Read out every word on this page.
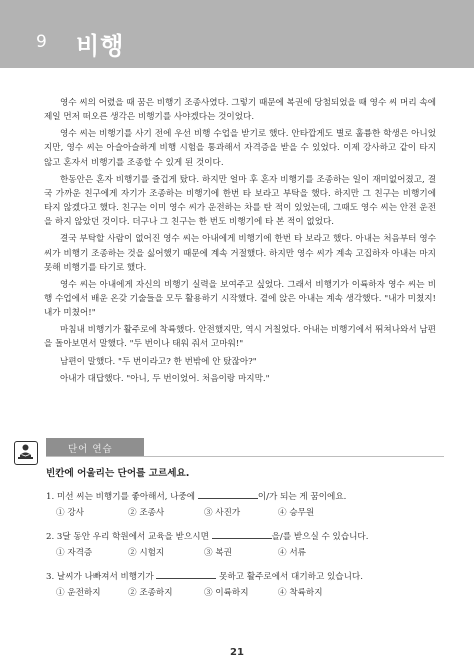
9 비행

영수 씨의 어렸을 때 꿈은 비행기 조종사였다. 그렇기 때문에 복권에 당첨되었을 때 영수 씨 머리 속에 제일 먼저 떠오른 생각은 비행기를 사야겠다는 것이었다.

영수 씨는 비행기를 사기 전에 우선 비행 수업을 받기로 했다. 안타깝게도 별로 훌륭한 학생은 아니었지만, 영수 씨는 아슬아슬하게 비행 시험을 통과해서 자격증을 받을 수 있었다. 이제 강사하고 같이 타지 않고 혼자서 비행기를 조종할 수 있게 된 것이다.

한동안은 혼자 비행기를 즐겁게 탔다. 하지만 얼마 후 혼자 비행기를 조종하는 일이 재미없어졌고, 결국 가까운 친구에게 자기가 조종하는 비행기에 한번 타 보라고 부탁을 했다. 하지만 그 친구는 비행기에 타지 않겠다고 했다. 친구는 이미 영수 씨가 운전하는 차를 탄 적이 있었는데, 그때도 영수 씨는 안전 운전을 하지 않았던 것이다. 더구나 그 친구는 한 번도 비행기에 타 본 적이 없었다.

결국 부탁할 사람이 없어진 영수 씨는 아내에게 비행기에 한번 타 보라고 했다. 아내는 처음부터 영수 씨가 비행기 조종하는 것을 싫어했기 때문에 계속 거절했다. 하지만 영수 씨가 계속 고집하자 아내는 마지못해 비행기를 타기로 했다.

영수 씨는 아내에게 자신의 비행기 실력을 보여주고 싶었다. 그래서 비행기가 이륙하자 영수 씨는 비행 수업에서 배운 온갖 기술들을 모두 활용하기 시작했다. 곁에 앉은 아내는 계속 생각했다. "내가 미쳤지! 내가 미쳤어!"

마침내 비행기가 활주로에 착륙했다. 안전했지만, 역시 거칠었다. 아내는 비행기에서 뛰쳐나와서 남편을 돌아보면서 말했다. "두 번이나 태워 줘서 고마워!"

남편이 말했다. "두 번이라고? 한 번밖에 안 탔잖아?"

아내가 대답했다. "아니, 두 번이었어. 처음이랑 마지막."

단어 연습
빈칸에 어울리는 단어를 고르세요.
1. 미선 씨는 비행기를 좋아해서, 나중에	이/가 되는 게 꿈이에요.
① 강사	② 조종사	③ 사진가	④ 승무원
2. 3달 동안 우리 학원에서 교육을 받으시면	을/를 받으실 수 있습니다.
① 자격증	② 시험지	③ 복권	④ 서류
3. 날씨가 나빠져서 비행기가	못하고 활주로에서 대기하고 있습니다.
① 운전하지	② 조종하지	③ 이륙하지	④ 착륙하지
21
